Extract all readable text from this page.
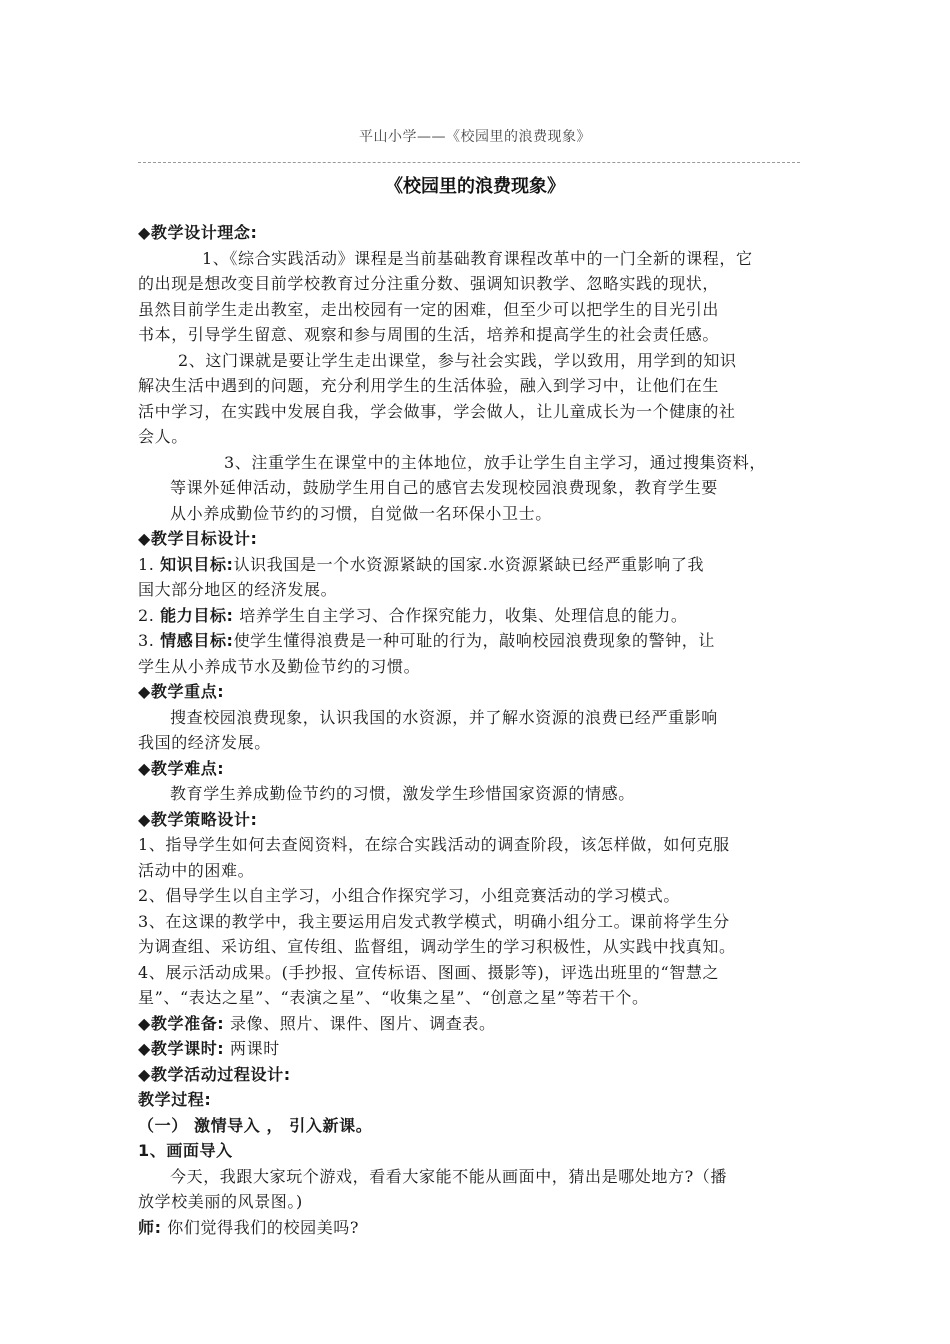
平山小学——《校园里的浪费现象》
《校园里的浪费现象》
◆教学设计理念:
1、《综合实践活动》课程是当前基础教育课程改革中的一门全新的课程，它
的出现是想改变目前学校教育过分注重分数、强调知识教学、忽略实践的现状，
虽然目前学生走出教室，走出校园有一定的困难，但至少可以把学生的目光引出
书本，引导学生留意、观察和参与周围的生活，培养和提高学生的社会责任感。
2、这门课就是要让学生走出课堂，参与社会实践，学以致用，用学到的知识
解决生活中遇到的问题，充分利用学生的生活体验，融入到学习中，让他们在生
活中学习，在实践中发展自我，学会做事，学会做人，让儿童成长为一个健康的社
会人。
3、注重学生在课堂中的主体地位，放手让学生自主学习，通过搜集资料，
等课外延伸活动，鼓励学生用自己的感官去发现校园浪费现象，教育学生要
从小养成勤俭节约的习惯，自觉做一名环保小卫士。
◆教学目标设计:
1. 知识目标:认识我国是一个水资源紧缺的国家.水资源紧缺已经严重影响了我
国大部分地区的经济发展。
2. 能力目标: 培养学生自主学习、合作探究能力，收集、处理信息的能力。
3. 情感目标:使学生懂得浪费是一种可耻的行为，敲响校园浪费现象的警钟，让
学生从小养成节水及勤俭节约的习惯。
◆教学重点:
搜查校园浪费现象，认识我国的水资源，并了解水资源的浪费已经严重影响
我国的经济发展。
◆教学难点:
教育学生养成勤俭节约的习惯，激发学生珍惜国家资源的情感。
◆教学策略设计:
1、指导学生如何去查阅资料，在综合实践活动的调查阶段，该怎样做，如何克服
活动中的困难。
2、倡导学生以自主学习，小组合作探究学习，小组竞赛活动的学习模式。
3、在这课的教学中，我主要运用启发式教学模式，明确小组分工。课前将学生分
为调查组、采访组、宣传组、监督组，调动学生的学习积极性，从实践中找真知。
4、展示活动成果。(手抄报、宣传标语、图画、摄影等)，评选出班里的“智慧之
星”、“表达之星”、“表演之星”、“收集之星”、“创意之星”等若干个。
◆教学准备: 录像、照片、课件、图片、调查表。
◆教学课时: 两课时
◆教学活动过程设计:
教学过程:
（一） 激情导入 ， 引入新课。
1、画面导入
今天，我跟大家玩个游戏，看看大家能不能从画面中，猜出是哪处地方?（播
放学校美丽的风景图。)
师: 你们觉得我们的校园美吗?
